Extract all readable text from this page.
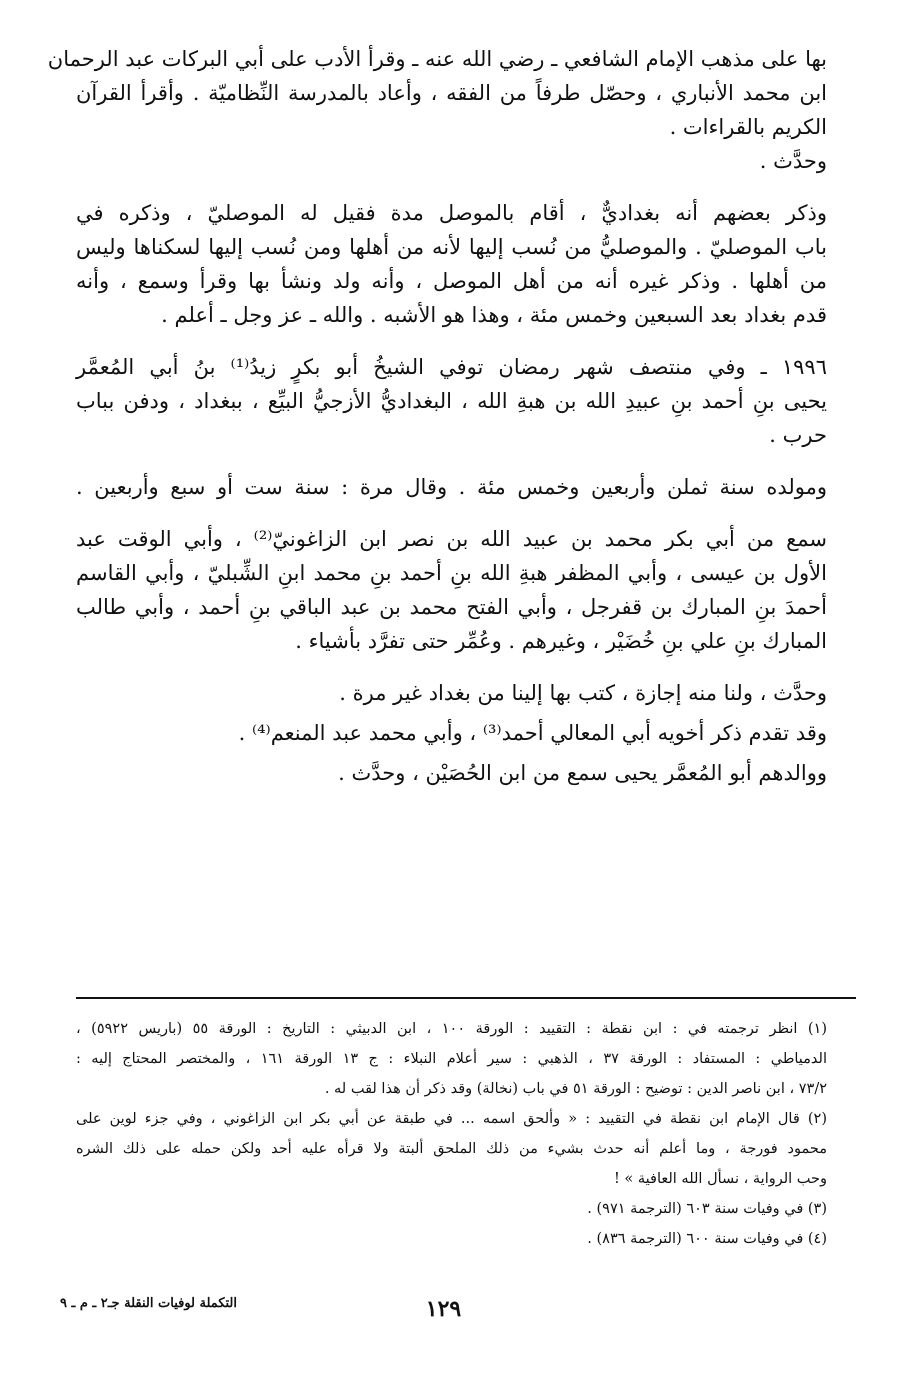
بها على مذهب الإمام الشافعي ـ رضي الله عنه ـ وقرأ الأدب على أبي البركات عبد الرحمان
ابن محمد الأنباري ، وحصّل طرفاً من الفقه ، وأعاد بالمدرسة النِّظاميّة . وأقرأ القرآن
الكريم بالقراءات .
وحدَّث .
وذكر بعضهم أنه بغداديٌّ ، أقام بالموصل مدة فقيل له الموصليّ ، وذكره في
باب الموصليّ . والموصليُّ من نُسب إليها لأنه من أهلها ومن نُسب إليها لسكناها وليس
من أهلها . وذكر غيره أنه من أهل الموصل ، وأنه ولد ونشأ بها وقرأ وسمع ، وأنه
قدم بغداد بعد السبعين وخمس مئة ، وهذا هو الأشبه . والله ـ عز وجل ـ أعلم .
١٩٩٦ ـ وفي منتصف شهر رمضان توفي الشيخُ أبو بكرٍ زيدُ⁽¹⁾ بنُ أبي المُعمَّر
يحيى بنِ أحمد بنِ عبيدِ الله بن هبةِ الله ، البغداديُّ الأزجيُّ البيِّع ، ببغداد ، ودفن بباب
حرب .
ومولده سنة ثملن وأربعين وخمس مئة . وقال مرة : سنة ست أو سبع وأربعين .
سمع من أبي بكر محمد بن عبيد الله بن نصر ابن الزاغونيّ⁽²⁾ ، وأبي الوقت عبد
الأول بن عيسى ، وأبي المظفر هبةِ الله بنِ أحمد بنِ محمد ابنِ الشِّبليّ ، وأبي القاسم
أحمدَ بنِ المبارك بن قفرجل ، وأبي الفتح محمد بن عبد الباقي بنِ أحمد ، وأبي طالب
المبارك بنِ علي بنِ خُضَيْر ، وغيرهم . وعُمِّر حتى تفرَّد بأشياء .
وحدَّث ، ولنا منه إجازة ، كتب بها إلينا من بغداد غير مرة .
وقد تقدم ذكر أخويه أبي المعالي أحمد⁽³⁾ ، وأبي محمد عبد المنعم⁽⁴⁾ .
ووالدهم أبو المُعمَّر يحيى سمع من ابن الحُصَيْن ، وحدَّث .
(١) انظر ترجمته في : ابن نقطة : التقييد : الورقة ١٠٠ ، ابن الدبيثي : التاريخ : الورقة ٥٥ (باريس ٥٩٢٢) ،
الدمياطي : المستفاد : الورقة ٣٧ ، الذهبي : سير أعلام النبلاء : ج ١٣ الورقة ١٦١ ، والمختصر المحتاج إليه :
٧٣/٢ ، ابن ناصر الدين : توضيح : الورقة ٥١ في باب (نخالة) وقد ذكر أن هذا لقب له .
(٢) قال الإمام ابن نقطة في التقييد : « وألحق اسمه ... في طبقة عن أبي بكر ابن الزاغوني ، وفي جزء لوين على
محمود فورجة ، وما أعلم أنه حدث بشيء من ذلك الملحق ألبتة ولا قرأه عليه أحد ولكن حمله على ذلك الشره
وحب الرواية ، نسأل الله العافية » !
(٣) في وفيات سنة ٦٠٣ (الترجمة ٩٧١) .
(٤) في وفيات سنة ٦٠٠ (الترجمة ٨٣٦) .
١٢٩
التكملة لوفيات النقلة جـ٢ ـ م ـ ٩
